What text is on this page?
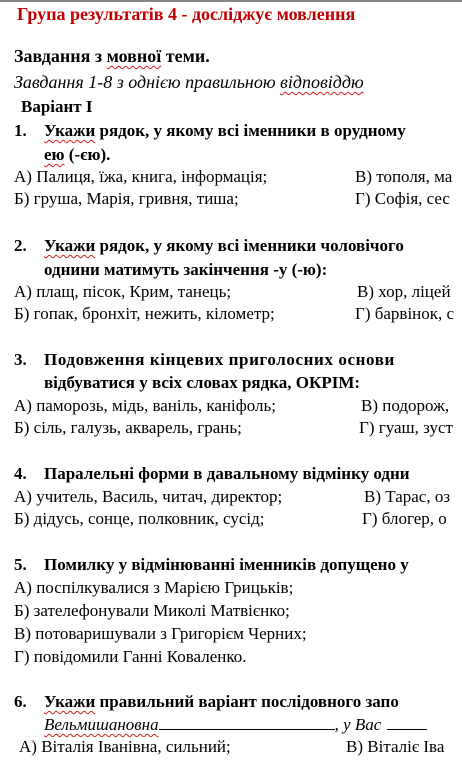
Група результатів 4 - досліджує мовлення
Завдання з мовної теми.
Завдання 1-8 з однією правильною відповіддю
Варіант І
1. Укажи рядок, у якому всі іменники в орудному
ею (-єю).
А) Палиця, їжа, книга, інформація;	В) тополя, ма
Б) груша, Марія, гривня, тиша;	Г) Софія, сес
2. Укажи рядок, у якому всі іменники чоловічого
однини матимуть закінчення -у (-ю):
А) плащ, пісок, Крим, танець;	В) хор, ліцей
Б) гопак, бронхіт, нежить, кілометр;	Г) барвінок, с
3. Подовження кінцевих приголосних основи
відбуватися у всіх словах рядка, ОКРІМ:
А) паморозь, мідь, ваніль, каніфоль;	В) подорож,
Б) сіль, галузь, акварель, грань;	Г) гуаш, зуст
4. Паралельні форми в давальному відмінку одни
А) учитель, Василь, читач, директор;	В) Тарас, оз
Б) дідусь, сонце, полковник, сусід;	Г) блогер, о
5. Помилку у відмінюванні іменників допущено у
А) поспілкувалися з Марією Грицьків;
Б) зателефонували Миколі Матвієнко;
В) потоваришували з Григорієм Черних;
Г) повідомили Ганні Коваленко.
6. Укажи правильний варіант послідовного запо
Вельмишановна	, у Вас
А) Віталія Іванівна, сильний;	В) Віталіє Іва
